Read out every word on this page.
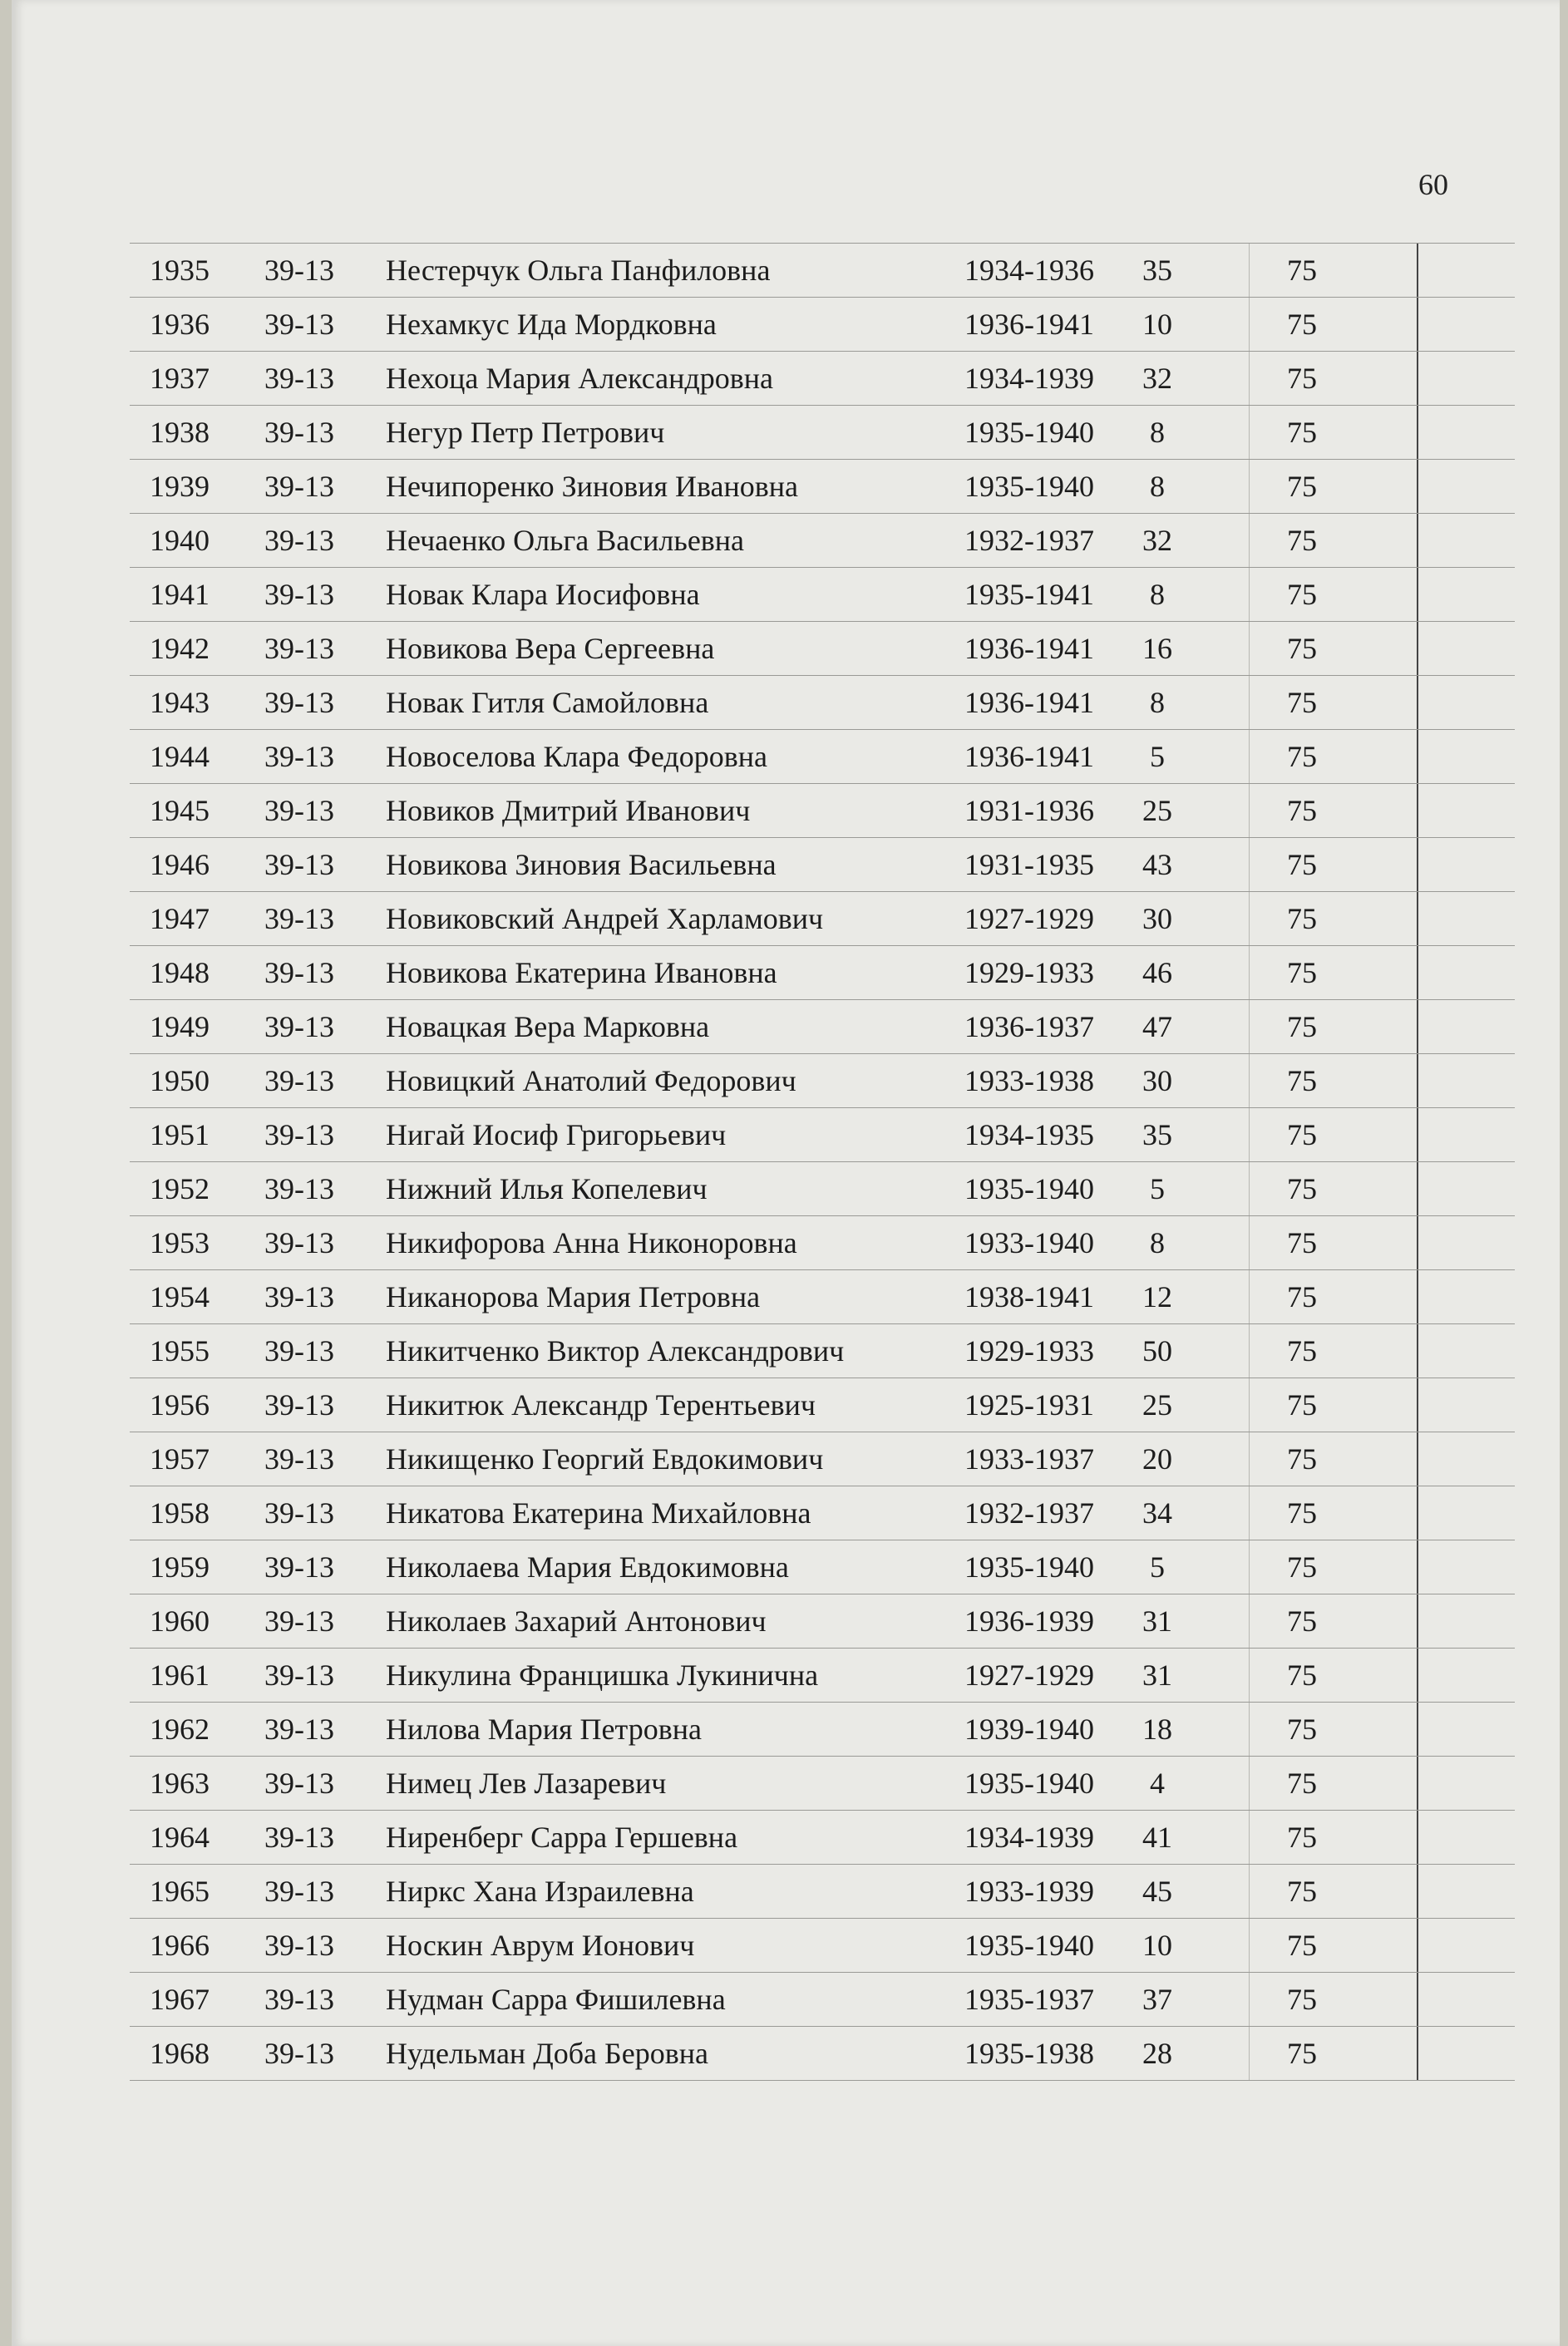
60
1935 39-13 Нестерчук Ольга Панфиловна	1934-1936	35	75
1936 39-13 Нехамкус Ида Мордковна	1936-1941	10	75
1937 39-13 Нехоца Мария Александровна	1934-1939	32	75
1938 39-13 Негур Петр Петрович	1935-1940	8	75
1939 39-13 Нечипоренко Зиновия Ивановна	1935-1940	8	75
1940 39-13 Нечаенко Ольга Васильевна	1932-1937	32	75
1941 39-13 Новак Клара Иосифовна	1935-1941	8	75
1942 39-13 Новикова Вера Сергеевна	1936-1941	16	75
1943 39-13 Новак Гитля Самойловна	1936-1941	8	75
1944 39-13 Новоселова Клара Федоровна	1936-1941	5	75
1945 39-13 Новиков Дмитрий Иванович	1931-1936	25	75
1946 39-13 Новикова Зиновия Васильевна	1931-1935	43	75
1947 39-13 Новиковский Андрей Харламович	1927-1929	30	75
1948 39-13 Новикова Екатерина Ивановна	1929-1933	46	75
1949 39-13 Новацкая Вера Марковна	1936-1937	47	75
1950 39-13 Новицкий Анатолий Федорович	1933-1938	30	75
1951 39-13 Нигай Иосиф Григорьевич	1934-1935	35	75
1952 39-13 Нижний Илья Копелевич	1935-1940	5	75
1953 39-13 Никифорова Анна Никоноровна	1933-1940	8	75
1954 39-13 Никанорова Мария Петровна	1938-1941	12	75
1955 39-13 Никитченко Виктор Александрович	1929-1933	50	75
1956 39-13 Никитюк Александр Терентьевич	1925-1931	25	75
1957 39-13 Никищенко Георгий Евдокимович	1933-1937	20	75
1958 39-13 Никатова Екатерина Михайловна	1932-1937	34	75
1959 39-13 Николаева Мария Евдокимовна	1935-1940	5	75
1960 39-13 Николаев Захарий Антонович	1936-1939	31	75
1961 39-13 Никулина Францишка Лукинична	1927-1929	31	75
1962 39-13 Нилова Мария Петровна	1939-1940	18	75
1963 39-13 Нимец Лев Лазаревич	1935-1940	4	75
1964 39-13 Ниренберг Сарра Гершевна	1934-1939	41	75
1965 39-13 Ниркс Хана Израилевна	1933-1939	45	75
1966 39-13 Носкин Аврум Ионович	1935-1940	10	75
1967 39-13 Нудман Сарра Фишилевна	1935-1937	37	75
1968 39-13 Нудельман Доба Беровна	1935-1938	28	75
